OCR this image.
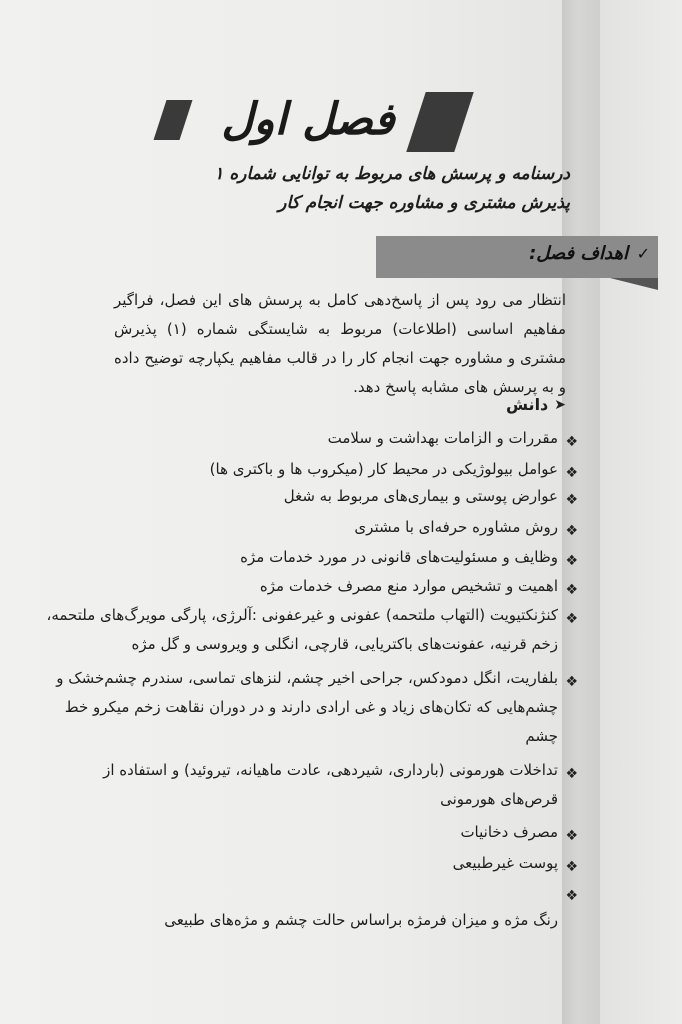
فصل اول
درسنامه و پرسش های مربوط به توانایی شماره ۱
پذیرش مشتری و مشاوره جهت انجام کار
✓
اهداف فصل:
انتظار می رود پس از پاسخ‌دهی کامل به پرسش های این فصل، فراگیر مفاهیم اساسی (اطلاعات) مربوط به شایستگی شماره (۱) پذیرش مشتری و مشاوره جهت انجام کار را در قالب مفاهیم یکپارچه توضیح داده و به پرسش های مشابه پاسخ دهد.
➤
دانش
❖
مقررات و الزامات بهداشت و سلامت
❖
عوامل بیولوژیکی در محیط کار (میکروب ها و باکتری ها)
❖
عوارض پوستی و بیماری‌های مربوط به شغل
❖
روش مشاوره حرفه‌ای با مشتری
❖
وظایف و مسئولیت‌های قانونی در مورد خدمات مژه
❖
اهمیت و تشخیص موارد منع مصرف خدمات مژه
❖
کنژنکتیویت (التهاب ملتحمه) عفونی و غیرعفونی :آلرژی، پارگی مویرگ‌های ملتحمه، زخم قرنیه، عفونت‌های باکتریایی، قارچی، انگلی و ویروسی و گل مژه
❖
بلفاریت، انگل دمودکس، جراحی اخیر چشم، لنزهای تماسی، سندرم چشم‌خشک و چشم‌هایی که تکان‌های زیاد و غی ارادی دارند و در دوران نقاهت زخم میکرو خط چشم
❖
تداخلات هورمونی (بارداری، شیردهی، عادت ماهیانه، تیروئید) و استفاده از قرص‌های هورمونی
❖
مصرف دخانیات
❖
پوست غیرطبیعی
❖
رنگ مژه و میزان فرمژه براساس حالت چشم و مژه‌های طبیعی
